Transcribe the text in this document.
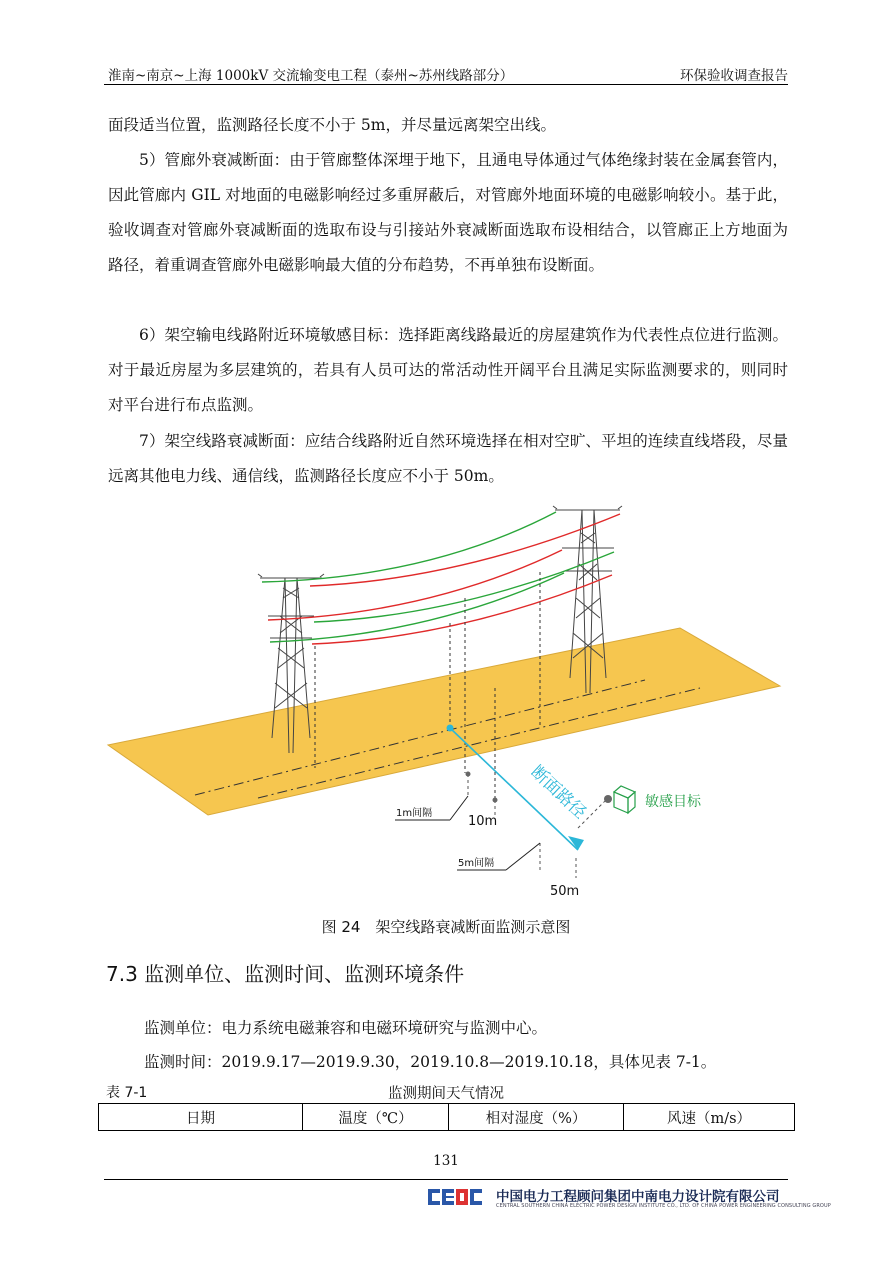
淮南~南京~上海 1000kV 交流输变电工程（泰州~苏州线路部分）	环保验收调查报告
面段适当位置，监测路径长度不小于 5m，并尽量远离架空出线。
5）管廊外衰减断面：由于管廊整体深埋于地下，且通电导体通过气体绝缘封装在金属套管内，因此管廊内 GIL 对地面的电磁影响经过多重屏蔽后，对管廊外地面环境的电磁影响较小。基于此，验收调查对管廊外衰减断面的选取布设与引接站外衰减断面选取布设相结合，以管廊正上方地面为路径，着重调查管廊外电磁影响最大值的分布趋势，不再单独布设断面。
6）架空输电线路附近环境敏感目标：选择距离线路最近的房屋建筑作为代表性点位进行监测。对于最近房屋为多层建筑的，若具有人员可达的常活动性开阔平台且满足实际监测要求的，则同时对平台进行布点监测。
7）架空线路衰减断面：应结合线路附近自然环境选择在相对空旷、平坦的连续直线塔段，尽量远离其他电力线、通信线，监测路径长度应不小于 50m。
断面路径
1m间隔
10m
5m间隔
50m
敏感目标
图 24　架空线路衰减断面监测示意图
7.3 监测单位、监测时间、监测环境条件
监测单位：电力系统电磁兼容和电磁环境研究与监测中心。
监测时间：2019.9.17—2019.9.30，2019.10.8—2019.10.18，具体见表 7-1。
表 7-1	监测期间天气情况
日期	温度（℃）	相对湿度（%）	风速（m/s）
131
中国电力工程顾问集团中南电力设计院有限公司
CENTRAL SOUTHERN CHINA ELECTRIC POWER DESIGN INSTITUTE CO., LTD. OF CHINA POWER ENGINEERING CONSULTING GROUP
